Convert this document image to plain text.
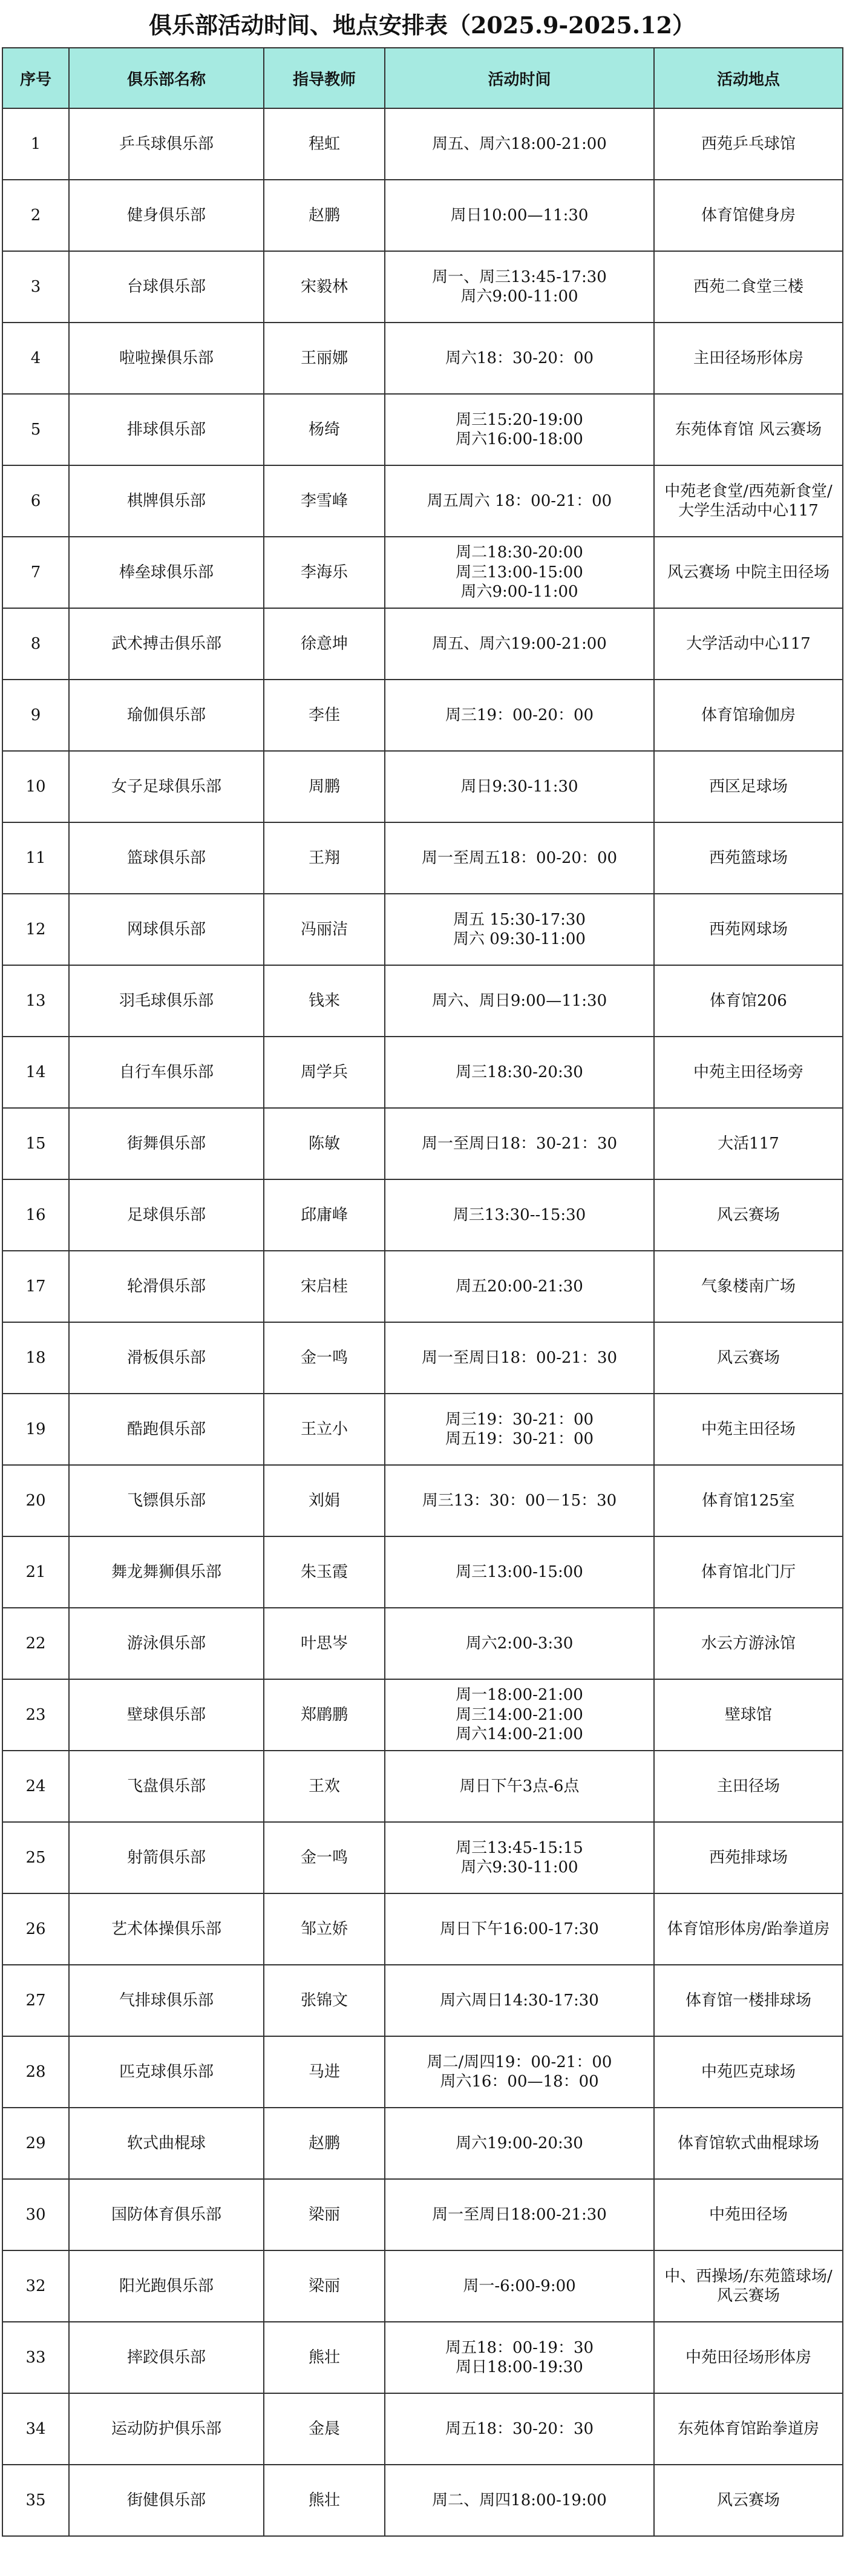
俱乐部活动时间、地点安排表（2025.9-2025.12）
序号	俱乐部名称	指导教师	活动时间	活动地点
1	乒乓球俱乐部	程虹	周五、周六18:00-21:00	西苑乒乓球馆
2	健身俱乐部	赵鹏	周日10:00—11:30	体育馆健身房
3	台球俱乐部	宋毅林	周一、周三13:45-17:30
周六9:00-11:00	西苑二食堂三楼
4	啦啦操俱乐部	王丽娜	周六18：30-20：00	主田径场形体房
5	排球俱乐部	杨绮	周三15:20-19:00
周六16:00-18:00	东苑体育馆 风云赛场
6	棋牌俱乐部	李雪峰	周五周六 18：00-21：00	中苑老食堂/西苑新食堂/大学生活动中心117
7	棒垒球俱乐部	李海乐	周二18:30-20:00
周三13:00-15:00
周六9:00-11:00	风云赛场 中院主田径场
8	武术搏击俱乐部	徐意坤	周五、周六19:00-21:00	大学活动中心117
9	瑜伽俱乐部	李佳	周三19：00-20：00	体育馆瑜伽房
10	女子足球俱乐部	周鹏	周日9:30-11:30	西区足球场
11	篮球俱乐部	王翔	周一至周五18：00-20：00	西苑篮球场
12	网球俱乐部	冯丽洁	周五 15:30-17:30
周六 09:30-11:00	西苑网球场
13	羽毛球俱乐部	钱来	周六、周日9:00—11:30	体育馆206
14	自行车俱乐部	周学兵	周三18:30-20:30	中苑主田径场旁
15	街舞俱乐部	陈敏	周一至周日18：30-21：30	大活117
16	足球俱乐部	邱庸峰	周三13:30--15:30	风云赛场
17	轮滑俱乐部	宋启桂	周五20:00-21:30	气象楼南广场
18	滑板俱乐部	金一鸣	周一至周日18：00-21：30	风云赛场
19	酷跑俱乐部	王立小	周三19：30-21：00
周五19：30-21：00	中苑主田径场
20	飞镖俱乐部	刘娟	周三13：30：00－15：30	体育馆125室
21	舞龙舞狮俱乐部	朱玉霞	周三13:00-15:00	体育馆北门厅
22	游泳俱乐部	叶思岑	周六2:00-3:30	水云方游泳馆
23	壁球俱乐部	郑鹛鹏	周一18:00-21:00
周三14:00-21:00
周六14:00-21:00	壁球馆
24	飞盘俱乐部	王欢	周日下午3点-6点	主田径场
25	射箭俱乐部	金一鸣	周三13:45-15:15
周六9:30-11:00	西苑排球场
26	艺术体操俱乐部	邹立娇	周日下午16:00-17:30	体育馆形体房/跆拳道房
27	气排球俱乐部	张锦文	周六周日14:30-17:30	体育馆一楼排球场
28	匹克球俱乐部	马进	周二/周四19：00-21：00
周六16：00—18：00	中苑匹克球场
29	软式曲棍球	赵鹏	周六19:00-20:30	体育馆软式曲棍球场
30	国防体育俱乐部	梁丽	周一至周日18:00-21:30	中苑田径场
32	阳光跑俱乐部	梁丽	周一-6:00-9:00	中、西操场/东苑篮球场/风云赛场
33	摔跤俱乐部	熊壮	周五18：00-19：30
周日18:00-19:30	中苑田径场形体房
34	运动防护俱乐部	金晨	周五18：30-20：30	东苑体育馆跆拳道房
35	街健俱乐部	熊壮	周二、周四18:00-19:00	风云赛场
